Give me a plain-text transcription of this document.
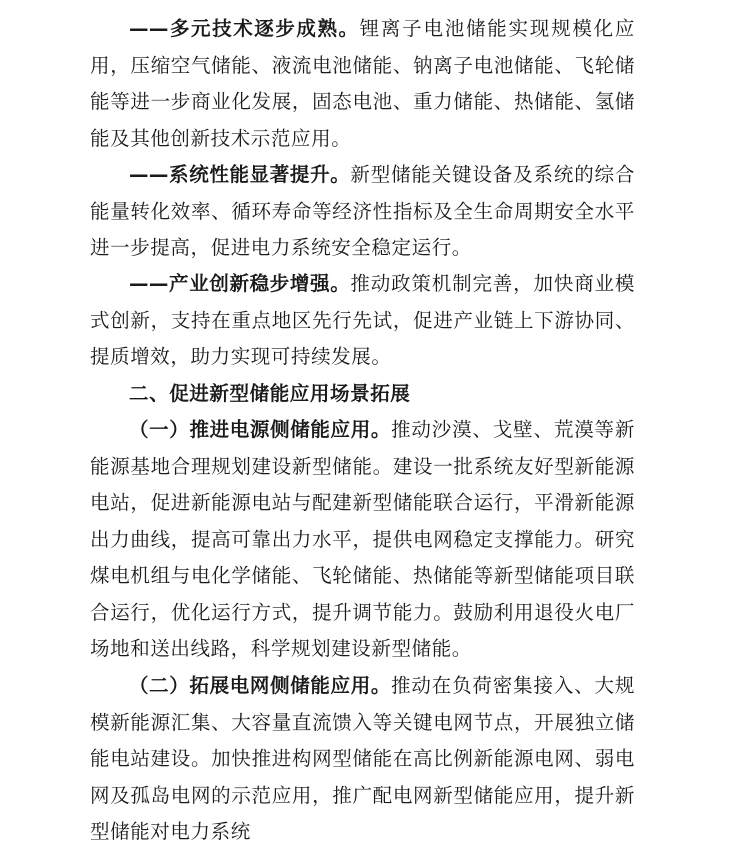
——多元技术逐步成熟。锂离子电池储能实现规模化应用，压缩空气储能、液流电池储能、钠离子电池储能、飞轮储能等进一步商业化发展，固态电池、重力储能、热储能、氢储能及其他创新技术示范应用。

——系统性能显著提升。新型储能关键设备及系统的综合能量转化效率、循环寿命等经济性指标及全生命周期安全水平进一步提高，促进电力系统安全稳定运行。

——产业创新稳步增强。推动政策机制完善，加快商业模式创新，支持在重点地区先行先试，促进产业链上下游协同、提质增效，助力实现可持续发展。

二、促进新型储能应用场景拓展

（一）推进电源侧储能应用。推动沙漠、戈壁、荒漠等新能源基地合理规划建设新型储能。建设一批系统友好型新能源电站，促进新能源电站与配建新型储能联合运行，平滑新能源出力曲线，提高可靠出力水平，提供电网稳定支撑能力。研究煤电机组与电化学储能、飞轮储能、热储能等新型储能项目联合运行，优化运行方式，提升调节能力。鼓励利用退役火电厂场地和送出线路，科学规划建设新型储能。

（二）拓展电网侧储能应用。推动在负荷密集接入、大规模新能源汇集、大容量直流馈入等关键电网节点，开展独立储能电站建设。加快推进构网型储能在高比例新能源电网、弱电网及孤岛电网的示范应用，推广配电网新型储能应用，提升新型储能对电力系统
